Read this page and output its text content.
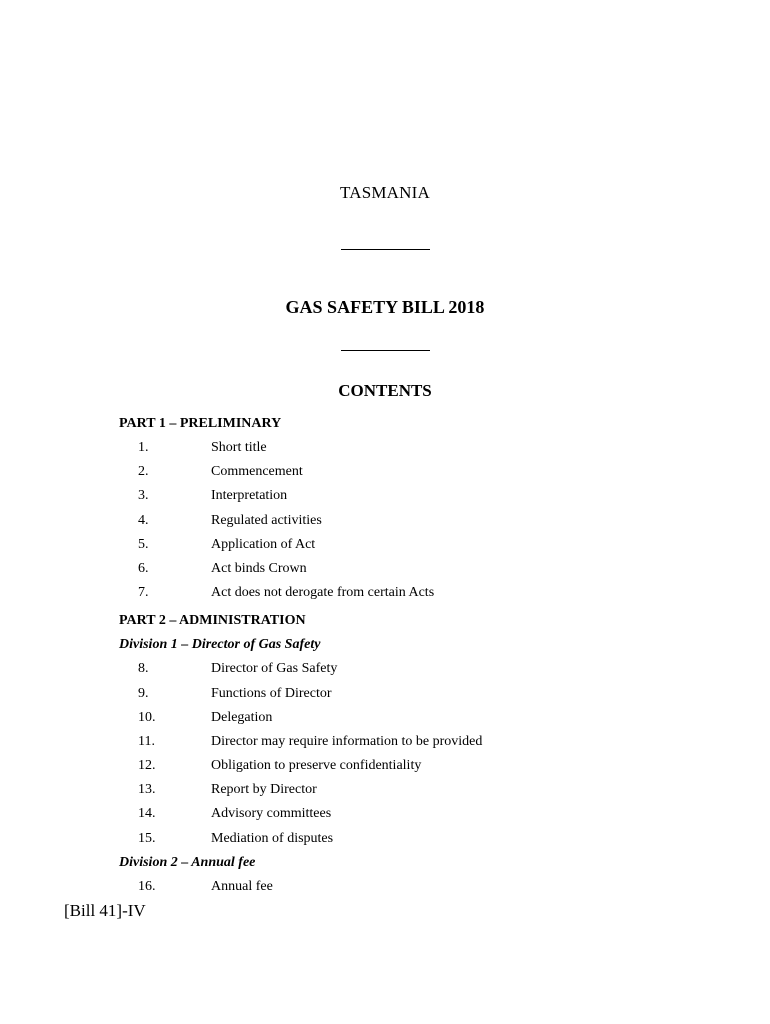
TASMANIA
GAS SAFETY BILL 2018
CONTENTS
PART 1 – PRELIMINARY
1.	Short title
2.	Commencement
3.	Interpretation
4.	Regulated activities
5.	Application of Act
6.	Act binds Crown
7.	Act does not derogate from certain Acts
PART 2 – ADMINISTRATION
Division 1 – Director of Gas Safety
8.	Director of Gas Safety
9.	Functions of Director
10.	Delegation
11.	Director may require information to be provided
12.	Obligation to preserve confidentiality
13.	Report by Director
14.	Advisory committees
15.	Mediation of disputes
Division 2 – Annual fee
16.	Annual fee
[Bill 41]-IV
